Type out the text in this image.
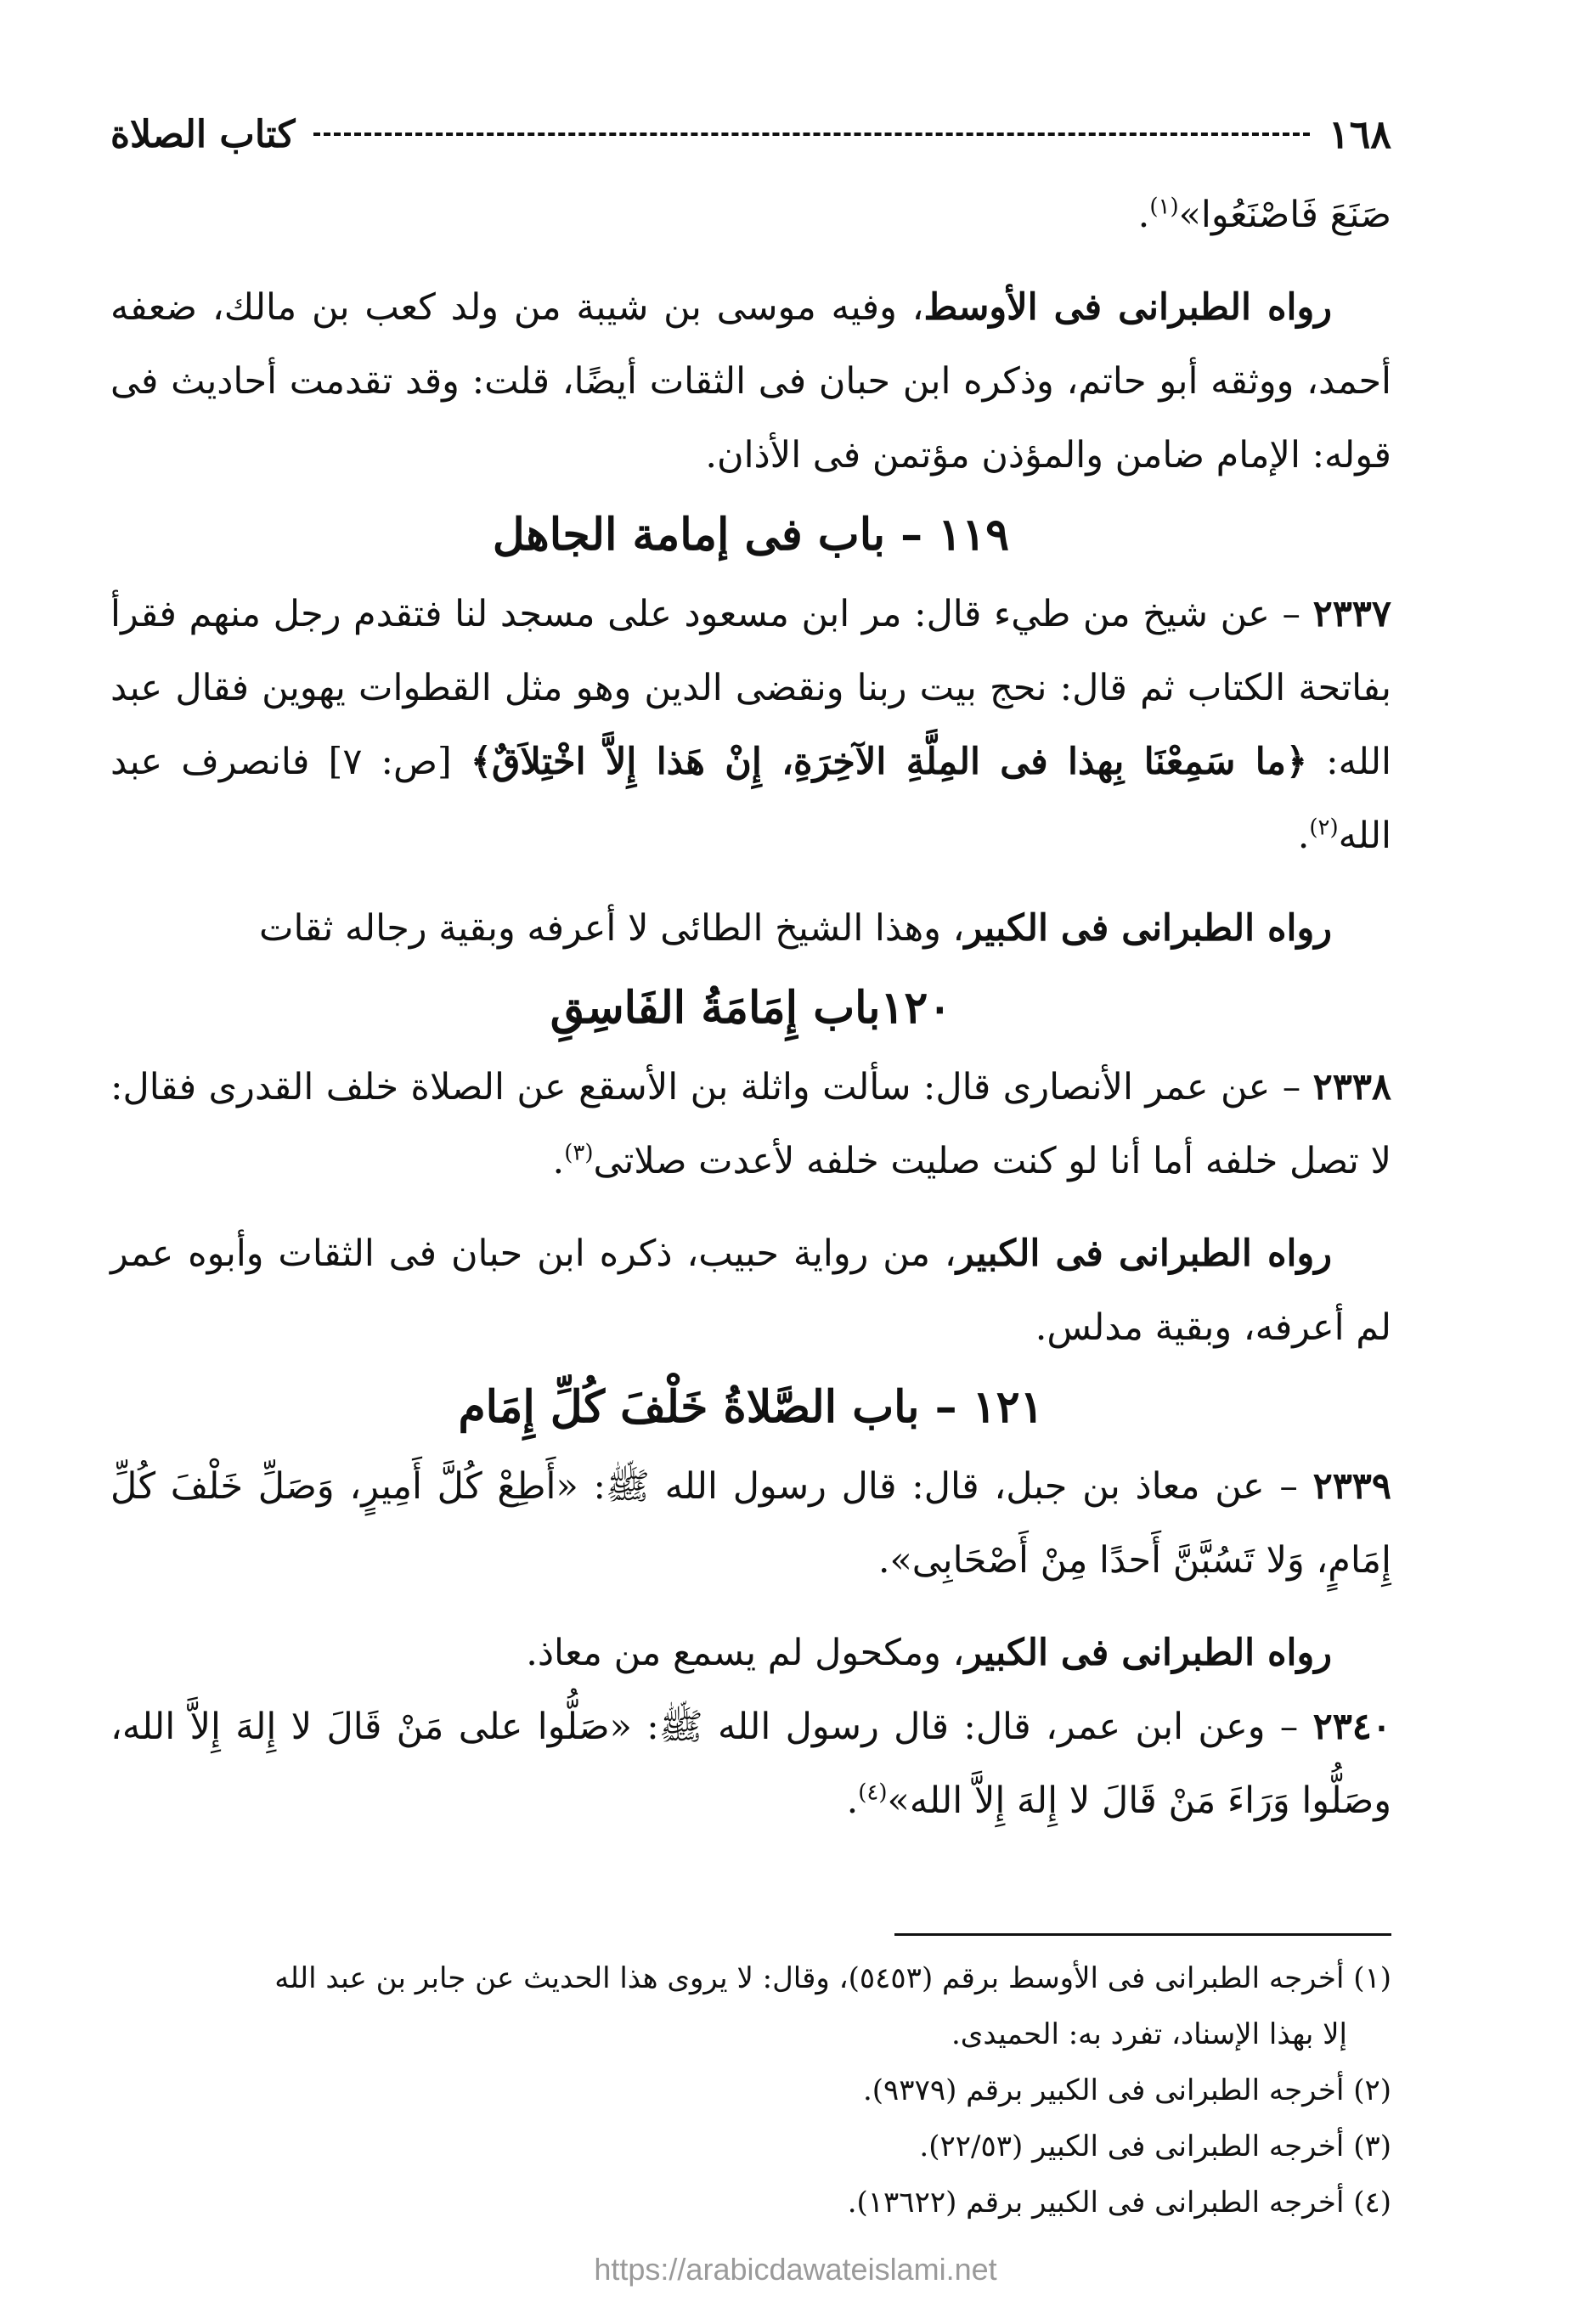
١٦٨
كتاب الصلاة

صَنَعَ فَاصْنَعُوا»$^{(١)}$.

رواه الطبرانى فى الأوسط، وفيه موسى بن شيبة من ولد كعب بن مالك، ضعفه أحمد، ووثقه أبو حاتم، وذكره ابن حبان فى الثقات أيضًا، قلت: وقد تقدمت أحاديث فى قوله: الإمام ضامن والمؤذن مؤتمن فى الأذان.

١١٩ – باب فى إمامة الجاهل

٢٣٣٧ – عن شيخ من طيء قال: مر ابن مسعود على مسجد لنا فتقدم رجل منهم فقرأ بفاتحة الكتاب ثم قال: نحج بيت ربنا ونقضى الدين وهو مثل القطوات يهوين فقال عبد الله: ﴿ما سَمِعْنَا بِهذا فى المِلَّةِ الآخِرَةِ، إِنْ هَذا إِلاَّ اخْتِلاَقٌ﴾ [ص: ٧] فانصرف عبد الله$^{(٢)}$.

رواه الطبرانى فى الكبير، وهذا الشيخ الطائى لا أعرفه وبقية رجاله ثقات

١٢٠باب إِمَامَةُ الفَاسِقِ

٢٣٣٨ – عن عمر الأنصارى قال: سألت واثلة بن الأسقع عن الصلاة خلف القدرى فقال: لا تصل خلفه أما أنا لو كنت صليت خلفه لأعدت صلاتى$^{(٣)}$.

رواه الطبرانى فى الكبير، من رواية حبيب، ذكره ابن حبان فى الثقات وأبوه عمر لم أعرفه، وبقية مدلس.

١٢١ – باب الصَّلاةُ خَلْفَ كُلِّ إِمَام

٢٣٣٩ – عن معاذ بن جبل، قال: قال رسول الله ﷺ: «أَطِعْ كُلَّ أَمِيرٍ، وَصَلِّ خَلْفَ كُلِّ إِمَامٍ، وَلا تَسُبَّنَّ أَحدًا مِنْ أَصْحَابِى».

رواه الطبرانى فى الكبير، ومكحول لم يسمع من معاذ.

٢٣٤٠ – وعن ابن عمر، قال: قال رسول الله ﷺ: «صَلُّوا على مَنْ قَالَ لا إِلهَ إِلاَّ الله، وصَلُّوا وَرَاءَ مَنْ قَالَ لا إِلهَ إِلاَّ الله»$^{(٤)}$.

(١) أخرجه الطبرانى فى الأوسط برقم (٥٤٥٣)، وقال: لا يروى هذا الحديث عن جابر بن عبد الله

إلا بهذا الإسناد، تفرد به: الحميدى.

(٢) أخرجه الطبرانى فى الكبير برقم (٩٣٧٩).

(٣) أخرجه الطبرانى فى الكبير (٢٢/٥٣).

(٤) أخرجه الطبرانى فى الكبير برقم (١٣٦٢٢).

https://arabicdawateislami.net
